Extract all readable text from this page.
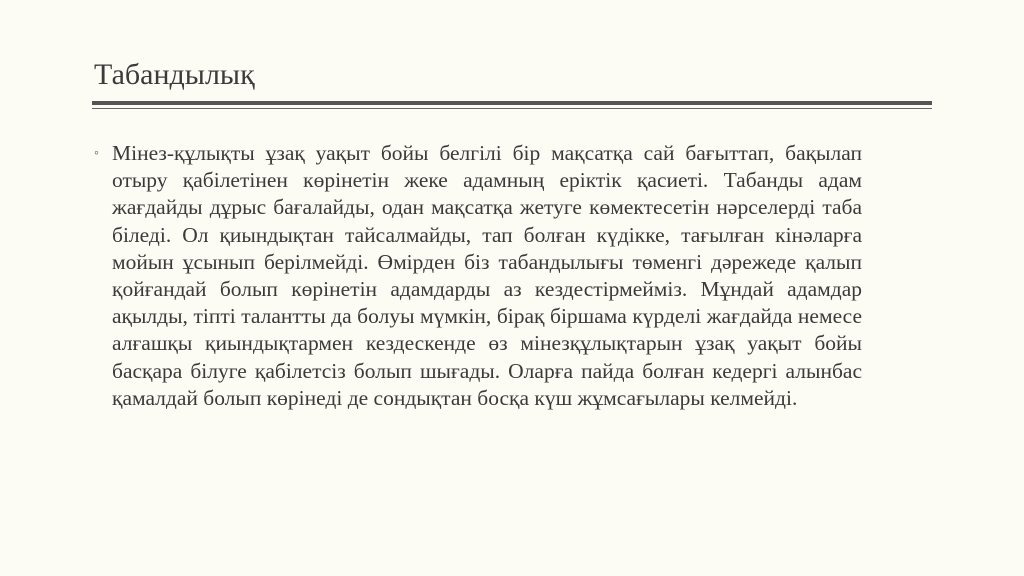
Табандылық
◦ Мінез-құлықты ұзақ уақыт бойы белгілі бір мақсатқа сай бағыттап, бақылап отыру қабілетінен көрінетін жеке адамның еріктік қасиеті. Табанды адам жағдайды дұрыс бағалайды, одан мақсатқа жетуге көмектесетін нәрселерді таба біледі. Ол қиындықтан тайсалмайды, тап болған күдікке, тағылған кінәларға мойын ұсынып берілмейді. Өмірден біз табандылығы төменгі дәрежеде қалып қойғандай болып көрінетін адамдарды аз кездестірмейміз. Мұндай адамдар ақылды, тіпті талантты да болуы мүмкін, бірақ біршама күрделі жағдайда немесе алғашқы қиындықтармен кездескенде өз мінезқұлықтарын ұзақ уақыт бойы басқара білуге қабілетсіз болып шығады. Оларға пайда болған кедергі алынбас қамалдай болып көрінеді де сондықтан босқа күш жұмсағылары келмейді.
